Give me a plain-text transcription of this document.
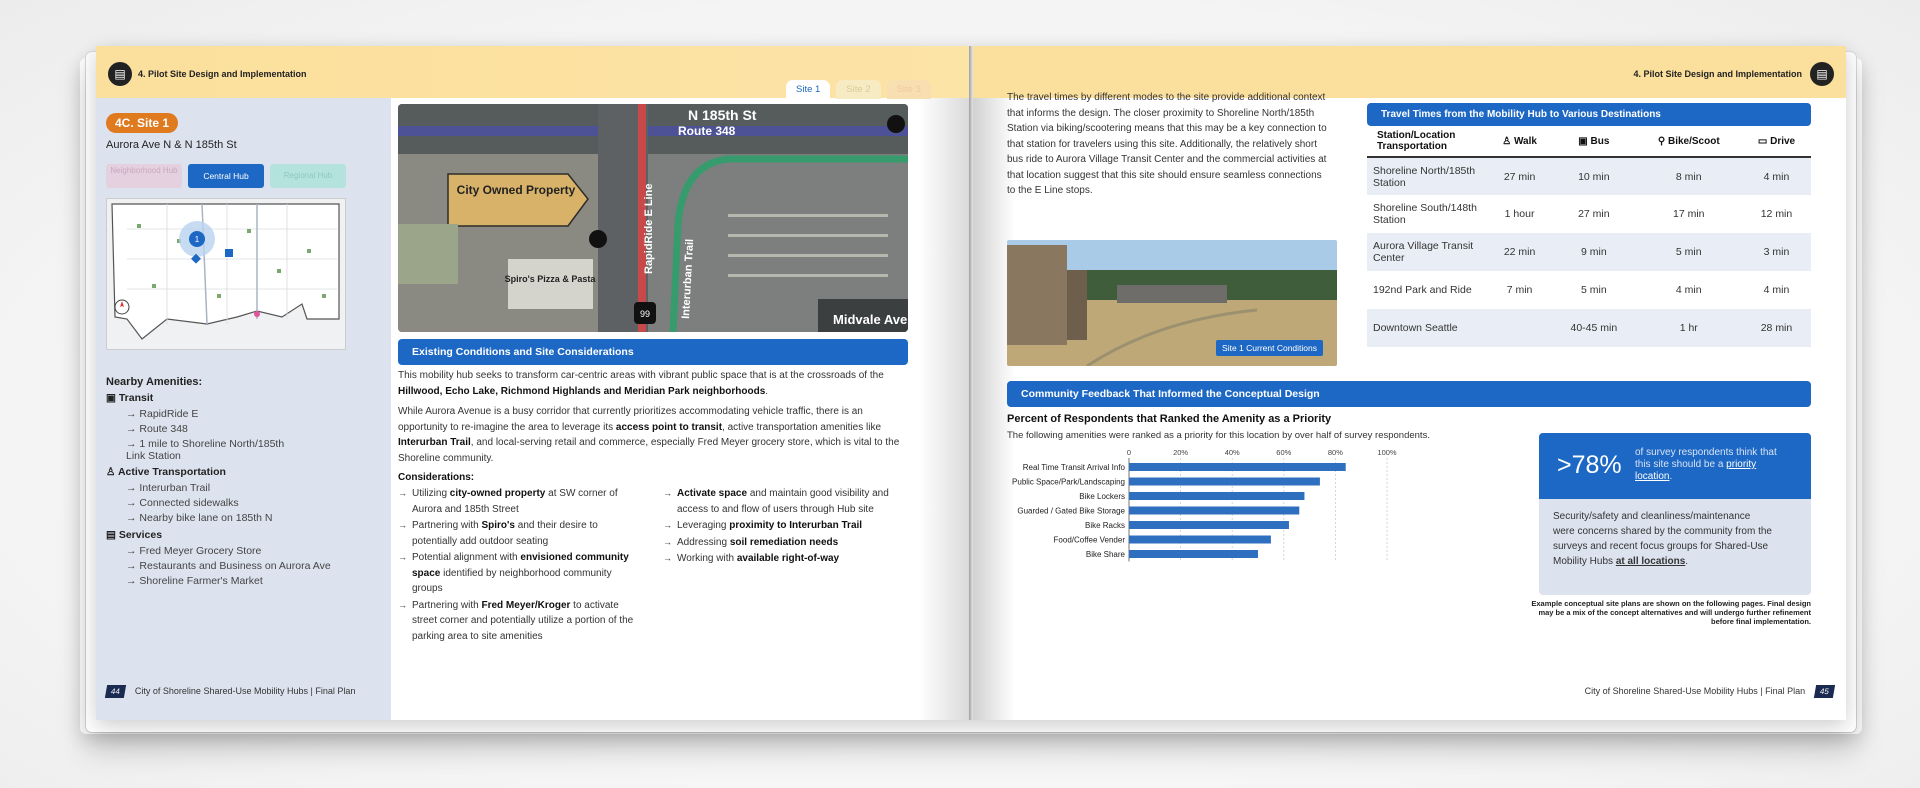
▤	4. Pilot Site Design and Implementation
Site 1	Site 2	Site 3
4C. Site 1
Aurora Ave N & N 185th St
Neighborhood Hub
Central Hub	Regional Hub
1
Nearby Amenities:
▣ Transit
→ RapidRide E
→ Route 348
→ 1 mile to Shoreline North/185th Link Station
♙ Active Transportation
→ Interurban Trail
→ Connected sidewalks
→ Nearby bike lane on 185th N
▤ Services
→ Fred Meyer Grocery Store
→ Restaurants and Business on Aurora Ave
→ Shoreline Farmer's Market
44 City of Shoreline Shared-Use Mobility Hubs | Final Plan
N 185th St
Route 348
City Owned Property
Spiro's Pizza & Pasta
RapidRide E Line
Interurban Trail
Midvale Ave
99
Existing Conditions and Site Considerations
This mobility hub seeks to transform car-centric areas with vibrant public space that is at the crossroads of the Hillwood, Echo Lake, Richmond Highlands and Meridian Park neighborhoods.
While Aurora Avenue is a busy corridor that currently prioritizes accommodating vehicle traffic, there is an opportunity to re-imagine the area to leverage its access point to transit, active transportation amenities like Interurban Trail, and local-serving retail and commerce, especially Fred Meyer grocery store, which is vital to the Shoreline community.
Considerations:
→ Utilizing city-owned property at SW corner of Aurora and 185th Street
→ Partnering with Spiro's and their desire to potentially add outdoor seating
→ Potential alignment with envisioned community space identified by neighborhood community groups
→ Partnering with Fred Meyer/Kroger to activate street corner and potentially utilize a portion of the parking area to site amenities
→ Activate space and maintain good visibility and access to and flow of users through Hub site
→ Leveraging proximity to Interurban Trail
→ Addressing soil remediation needs
→ Working with available right-of-way
4. Pilot Site Design and Implementation	▤
The travel times by different modes to the site provide additional context that informs the design. The closer proximity to Shoreline North/185th Station via biking/scootering means that this may be a key connection to that station for travelers using this site. Additionally, the relatively short bus ride to Aurora Village Transit Center and the commercial activities at that location suggest that this site should ensure seamless connections to the E Line stops.
Site 1 Current Conditions
Travel Times from the Mobility Hub to Various Destinations
Station/Location Transportation	♙ Walk	▣ Bus	⚲ Bike/Scoot	▭ Drive
Shoreline North/185th Station	27 min	10 min	8 min	4 min
Shoreline South/148th Station	1 hour	27 min	17 min	12 min
Aurora Village Transit Center	22 min	9 min	5 min	3 min
192nd Park and Ride	7 min	5 min	4 min	4 min
Downtown Seattle		40-45 min	1 hr	28 min
Community Feedback That Informed the Conceptual Design
Percent of Respondents that Ranked the Amenity as a Priority
The following amenities were ranked as a priority for this location by over half of survey respondents.
0	20%	40%	60%	80%	100%
Real Time Transit Arrival Info
Public Space/Park/Landscaping
Bike Lockers
Guarded / Gated Bike Storage
Bike Racks
Food/Coffee Vender
Bike Share
>78% of survey respondents think that this site should be a priority location.
Security/safety and cleanliness/maintenance were concerns shared by the community from the surveys and recent focus groups for Shared-Use Mobility Hubs at all locations.
Example conceptual site plans are shown on the following pages. Final design may be a mix of the concept alternatives and will undergo further refinement before final implementation.
City of Shoreline Shared-Use Mobility Hubs | Final Plan 45
